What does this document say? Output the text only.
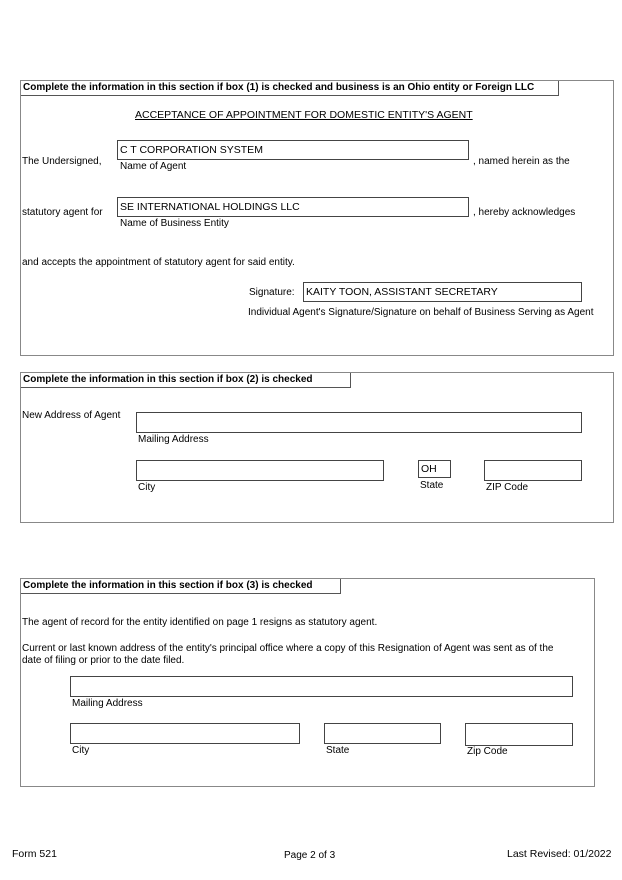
Complete the information in this section if box (1) is checked and business is an Ohio entity or Foreign LLC
ACCEPTANCE OF APPOINTMENT FOR DOMESTIC ENTITY'S AGENT
The Undersigned,
C T CORPORATION SYSTEM
Name of Agent	, named herein as the
statutory agent for SE INTERNATIONAL HOLDINGS LLC
Name of Business Entity
, hereby acknowledges
and accepts the appointment of statutory agent for said entity.
Signature: KAITY TOON, ASSISTANT SECRETARY
Individual Agent's Signature/Signature on behalf of Business Serving as Agent
Complete the information in this section if box (2) is checked
New Address of Agent
Mailing Address
City
OH
State	ZIP Code
Complete the information in this section if box (3) is checked
The agent of record for the entity identified on page 1 resigns as statutory agent.
Current or last known address of the entity's principal office where a copy of this Resignation of Agent was sent as of the
date of filing or prior to the date filed.
Mailing Address
City	State	Zip Code
Form 521	Page 2 of 3	Last Revised: 01/2022
